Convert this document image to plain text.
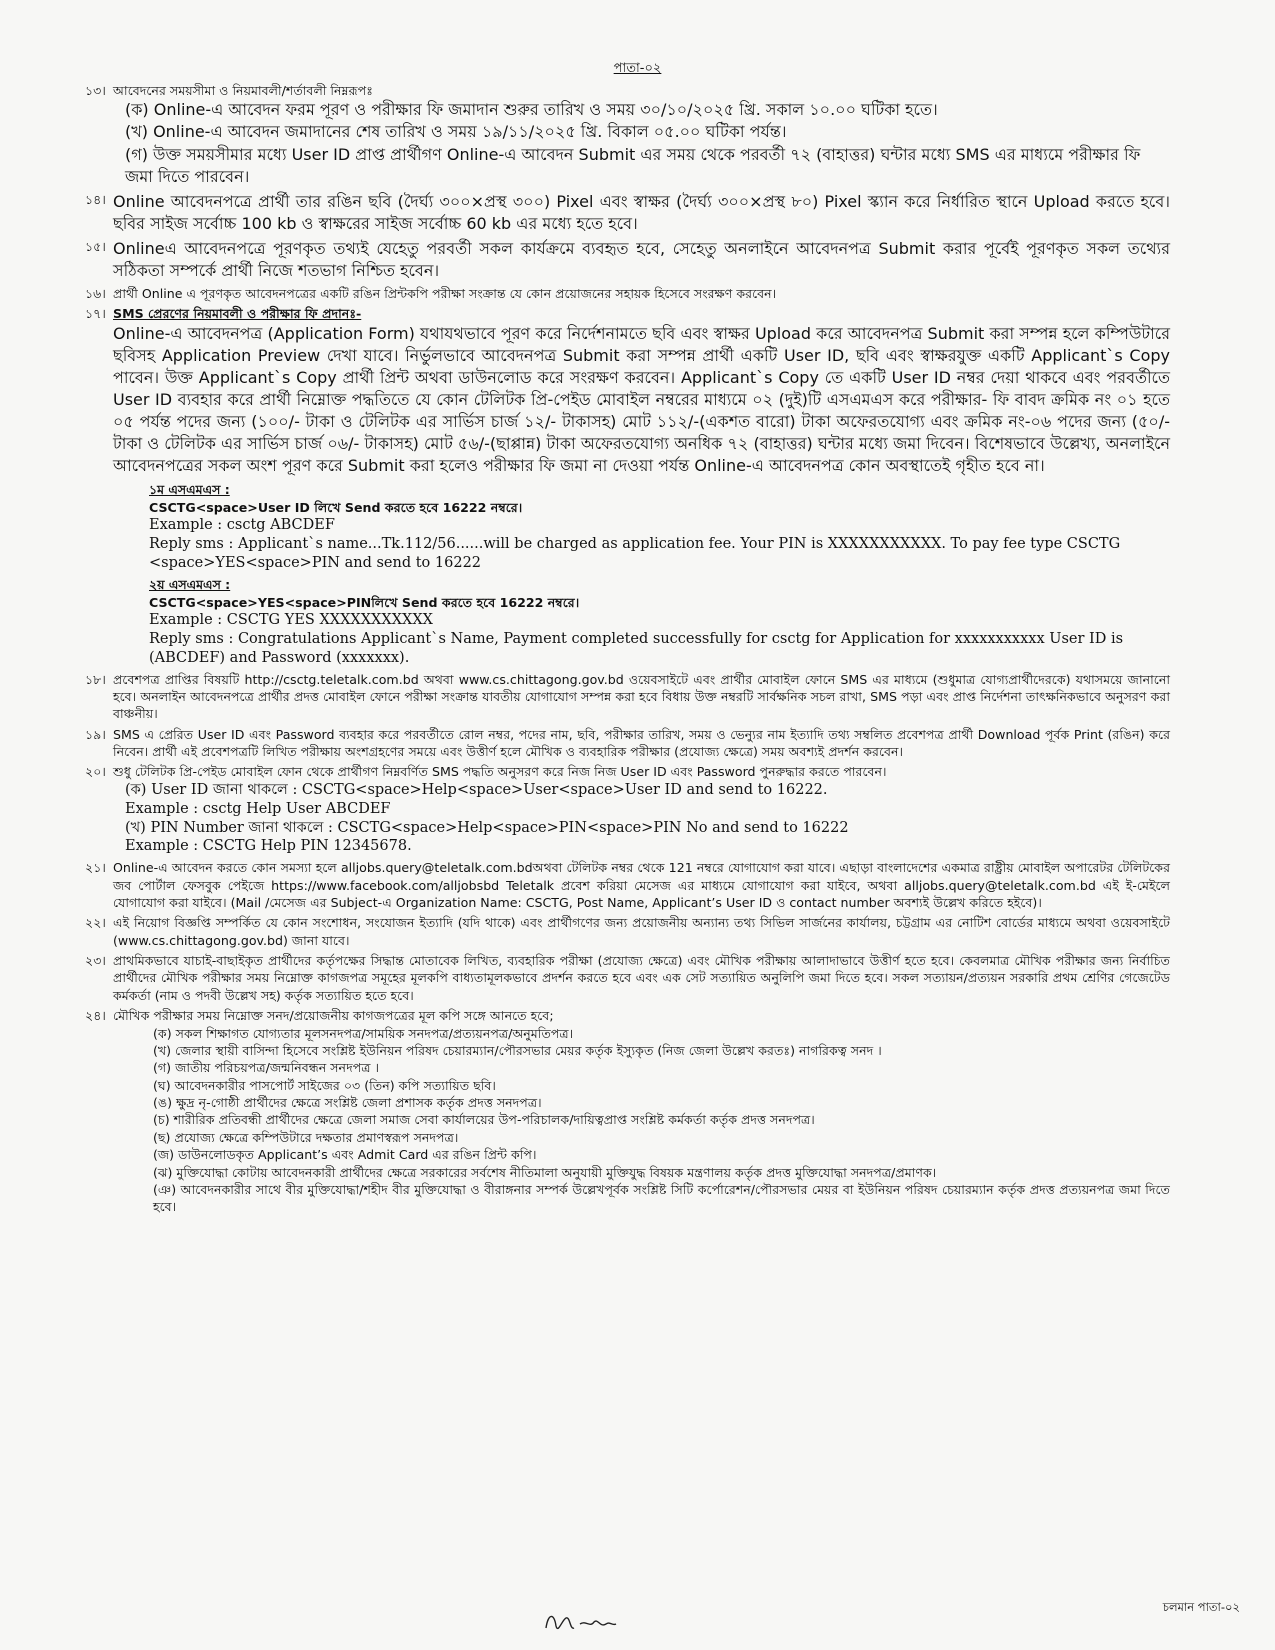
পাতা-০২
১৩। আবেদনের সময়সীমা ও নিয়মাবলী/শর্তাবলী নিম্নরূপঃ
(ক) Online-এ আবেদন ফরম পূরণ ও পরীক্ষার ফি জমাদান শুরুর তারিখ ও সময় ৩০/১০/২০২৫ খ্রি. সকাল ১০.০০ ঘটিকা হতে।
(খ) Online-এ আবেদন জমাদানের শেষ তারিখ ও সময় ১৯/১১/২০২৫ খ্রি. বিকাল ০৫.০০ ঘটিকা পর্যন্ত।
(গ) উক্ত সময়সীমার মধ্যে User ID প্রাপ্ত প্রার্থীগণ Online-এ আবেদন Submit এর সময় থেকে পরবর্তী ৭২ (বাহাত্তর) ঘন্টার মধ্যে SMS এর মাধ্যমে পরীক্ষার ফি জমা দিতে পারবেন।
১৪। Online আবেদনপত্রে প্রার্থী তার রঙিন ছবি (দৈর্ঘ্য ৩০০×প্রস্থ ৩০০) Pixel এবং স্বাক্ষর (দৈর্ঘ্য ৩০০×প্রস্থ ৮০) Pixel স্ক্যান করে নির্ধারিত স্থানে Upload করতে হবে। ছবির সাইজ সর্বোচ্চ 100 kb ও স্বাক্ষরের সাইজ সর্বোচ্চ 60 kb এর মধ্যে হতে হবে।
১৫। Onlineএ আবেদনপত্রে পূরণকৃত তথ্যই যেহেতু পরবর্তী সকল কার্যক্রমে ব্যবহৃত হবে, সেহেতু অনলাইনে আবেদনপত্র Submit করার পূর্বেই পূরণকৃত সকল তথ্যের সঠিকতা সম্পর্কে প্রার্থী নিজে শতভাগ নিশ্চিত হবেন।
১৬। প্রার্থী Online এ পূরণকৃত আবেদনপত্রের একটি রঙিন প্রিন্টকপি পরীক্ষা সংক্রান্ত যে কোন প্রয়োজনের সহায়ক হিসেবে সংরক্ষণ করবেন।
১৭। SMS প্রেরণের নিয়মাবলী ও পরীক্ষার ফি প্রদানঃ-
Online-এ আবেদনপত্র (Application Form) যথাযথভাবে পূরণ করে নির্দেশনামতে ছবি এবং স্বাক্ষর Upload করে আবেদনপত্র Submit করা সম্পন্ন হলে কম্পিউটারে ছবিসহ Application Preview দেখা যাবে। নির্ভুলভাবে আবেদনপত্র Submit করা সম্পন্ন প্রার্থী একটি User ID, ছবি এবং স্বাক্ষরযুক্ত একটি Applicant`s Copy পাবেন। উক্ত Applicant`s Copy প্রার্থী প্রিন্ট অথবা ডাউনলোড করে সংরক্ষণ করবেন। Applicant`s Copy তে একটি User ID নম্বর দেয়া থাকবে এবং পরবর্তীতে User ID ব্যবহার করে প্রার্থী নিম্নোক্ত পদ্ধতিতে যে কোন টেলিটক প্রি-পেইড মোবাইল নম্বরের মাধ্যমে ০২ (দুই)টি এসএমএস করে পরীক্ষার- ফি বাবদ ক্রমিক নং ০১ হতে ০৫ পর্যন্ত পদের জন্য (১০০/- টাকা ও টেলিটক এর সার্ভিস চার্জ ১২/- টাকাসহ) মোট ১১২/-(একশত বারো) টাকা অফেরতযোগ্য এবং ক্রমিক নং-০৬ পদের জন্য (৫০/- টাকা ও টেলিটক এর সার্ভিস চার্জ ০৬/- টাকাসহ) মোট ৫৬/-(ছাপ্পান্ন) টাকা অফেরতযোগ্য অনধিক ৭২ (বাহাত্তর) ঘন্টার মধ্যে জমা দিবেন। বিশেষভাবে উল্লেখ্য, অনলাইনে আবেদনপত্রের সকল অংশ পূরণ করে Submit করা হলেও পরীক্ষার ফি জমা না দেওয়া পর্যন্ত Online-এ আবেদনপত্র কোন অবস্থাতেই গৃহীত হবে না।
১ম এসএমএস :
CSCTG<space>User ID লিখে Send করতে হবে 16222 নম্বরে।
Example : csctg ABCDEF
Reply sms : Applicant`s name...Tk.112/56......will be charged as application fee. Your PIN is XXXXXXXXXXX. To pay fee type CSCTG <space>YES<space>PIN and send to 16222
২য় এসএমএস :
CSCTG<space>YES<space>PINলিখে Send করতে হবে 16222 নম্বরে।
Example : CSCTG YES XXXXXXXXXXX
Reply sms : Congratulations Applicant`s Name, Payment completed successfully for csctg for Application for xxxxxxxxxxx User ID is (ABCDEF) and Password (xxxxxxx).
১৮। প্রবেশপত্র প্রাপ্তির বিষয়টি http://csctg.teletalk.com.bd অথবা www.cs.chittagong.gov.bd ওয়েবসাইটে এবং প্রার্থীর মোবাইল ফোনে SMS এর মাধ্যমে (শুধুমাত্র যোগ্যপ্রার্থীদেরকে) যথাসময়ে জানানো হবে। অনলাইন আবেদনপত্রে প্রার্থীর প্রদত্ত মোবাইল ফোনে পরীক্ষা সংক্রান্ত যাবতীয় যোগাযোগ সম্পন্ন করা হবে বিধায় উক্ত নম্বরটি সার্বক্ষনিক সচল রাখা, SMS পড়া এবং প্রাপ্ত নির্দেশনা তাৎক্ষনিকভাবে অনুসরণ করা বাঞ্চনীয়।
১৯। SMS এ প্রেরিত User ID এবং Password ব্যবহার করে পরবর্তীতে রোল নম্বর, পদের নাম, ছবি, পরীক্ষার তারিখ, সময় ও ভেন্যুর নাম ইত্যাদি তথ্য সম্বলিত প্রবেশপত্র প্রার্থী Download পূর্বক Print (রঙিন) করে নিবেন। প্রার্থী এই প্রবেশপত্রটি লিখিত পরীক্ষায় অংশগ্রহণের সময়ে এবং উত্তীর্ণ হলে মৌখিক ও ব্যবহারিক পরীক্ষার (প্রযোজ্য ক্ষেত্রে) সময় অবশ্যই প্রদর্শন করবেন।
২০। শুধু টেলিটক প্রি-পেইড মোবাইল ফোন থেকে প্রার্থীগণ নিম্নবর্ণিত SMS পদ্ধতি অনুসরণ করে নিজ নিজ User ID এবং Password পুনরুদ্ধার করতে পারবেন।
(ক) User ID জানা থাকলে : CSCTG<space>Help<space>User<space>User ID and send to 16222.
Example : csctg Help User ABCDEF
(খ) PIN Number জানা থাকলে : CSCTG<space>Help<space>PIN<space>PIN No and send to 16222
Example : CSCTG Help PIN 12345678.
২১। Online-এ আবেদন করতে কোন সমস্যা হলে alljobs.query@teletalk.com.bdঅথবা টেলিটক নম্বর থেকে 121 নম্বরে যোগাযোগ করা যাবে। এছাড়া বাংলাদেশের একমাত্র রাষ্ট্রীয় মোবাইল অপারেটর টেলিটকের জব পোর্টাল ফেসবুক পেইজে https://www.facebook.com/alljobsbd Teletalk প্রবেশ করিয়া মেসেজ এর মাধ্যমে যোগাযোগ করা যাইবে, অথবা alljobs.query@teletalk.com.bd এই ই-মেইলে যোগাযোগ করা যাইবে। (Mail /মেসেজ এর Subject-এ Organization Name: CSCTG, Post Name, Applicant’s User ID ও contact number অবশ্যই উল্লেখ করিতে হইবে)।
২২। এই নিয়োগ বিজ্ঞপ্তি সম্পর্কিত যে কোন সংশোধন, সংযোজন ইত্যাদি (যদি থাকে) এবং প্রার্থীগণের জন্য প্রয়োজনীয় অন্যান্য তথ্য সিভিল সার্জনের কার্যালয়, চট্টগ্রাম এর নোটিশ বোর্ডের মাধ্যমে অথবা ওয়েবসাইটে (www.cs.chittagong.gov.bd) জানা যাবে।
২৩। প্রাথমিকভাবে যাচাই-বাছাইকৃত প্রার্থীদের কর্তৃপক্ষের সিদ্ধান্ত মোতাবেক লিখিত, ব্যবহারিক পরীক্ষা (প্রযোজ্য ক্ষেত্রে) এবং মৌখিক পরীক্ষায় আলাদাভাবে উত্তীর্ণ হতে হবে। কেবলমাত্র মৌখিক পরীক্ষার জন্য নির্বাচিত প্রার্থীদের মৌখিক পরীক্ষার সময় নিম্নোক্ত কাগজপত্র সমূহের মূলকপি বাধ্যতামূলকভাবে প্রদর্শন করতে হবে এবং এক সেট সত্যায়িত অনুলিপি জমা দিতে হবে। সকল সত্যায়ন/প্রত্যয়ন সরকারি প্রথম শ্রেণির গেজেটেড কর্মকর্তা (নাম ও পদবী উল্লেখ সহ) কর্তৃক সত্যায়িত হতে হবে।
২৪। মৌখিক পরীক্ষার সময় নিম্নোক্ত সনদ/প্রয়োজনীয় কাগজপত্রের মূল কপি সঙ্গে আনতে হবে;
(ক) সকল শিক্ষাগত যোগ্যতার মূলসনদপত্র/সাময়িক সনদপত্র/প্রত্যয়নপত্র/অনুমতিপত্র।
(খ) জেলার স্থায়ী বাসিন্দা হিসেবে সংশ্লিষ্ট ইউনিয়ন পরিষদ চেয়ারম্যান/পৌরসভার মেয়র কর্তৃক ইস্যুকৃত (নিজ জেলা উল্লেখ করতঃ) নাগরিকত্ব সনদ ।
(গ) জাতীয় পরিচয়পত্র/জন্মনিবন্ধন সনদপত্র ।
(ঘ) আবেদনকারীর পাসপোর্ট সাইজের ০৩ (তিন) কপি সত্যায়িত ছবি।
(ঙ) ক্ষুদ্র নৃ-গোষ্ঠী প্রার্থীদের ক্ষেত্রে সংশ্লিষ্ট জেলা প্রশাসক কর্তৃক প্রদত্ত সনদপত্র।
(চ) শারীরিক প্রতিবন্ধী প্রার্থীদের ক্ষেত্রে জেলা সমাজ সেবা কার্যালয়ের উপ-পরিচালক/দায়িত্বপ্রাপ্ত সংশ্লিষ্ট কর্মকর্তা কর্তৃক প্রদত্ত সনদপত্র।
(ছ) প্রযোজ্য ক্ষেত্রে কম্পিউটারে দক্ষতার প্রমাণস্বরূপ সনদপত্র।
(জ) ডাউনলোডকৃত Applicant’s এবং Admit Card এর রঙিন প্রিন্ট কপি।
(ঝ) মুক্তিযোদ্ধা কোটায় আবেদনকারী প্রার্থীদের ক্ষেত্রে সরকারের সর্বশেষ নীতিমালা অনুযায়ী মুক্তিযুদ্ধ বিষয়ক মন্ত্রণালয় কর্তৃক প্রদত্ত মুক্তিযোদ্ধা সনদপত্র/প্রমাণক।
(ঞ) আবেদনকারীর সাথে বীর মুক্তিযোদ্ধা/শহীদ বীর মুক্তিযোদ্ধা ও বীরাঙ্গনার সম্পর্ক উল্লেখপূর্বক সংশ্লিষ্ট সিটি কর্পোরেশন/পৌরসভার মেয়র বা ইউনিয়ন পরিষদ চেয়ারম্যান কর্তৃক প্রদত্ত প্রত্যয়নপত্র জমা দিতে হবে।
চলমান পাতা-০২
